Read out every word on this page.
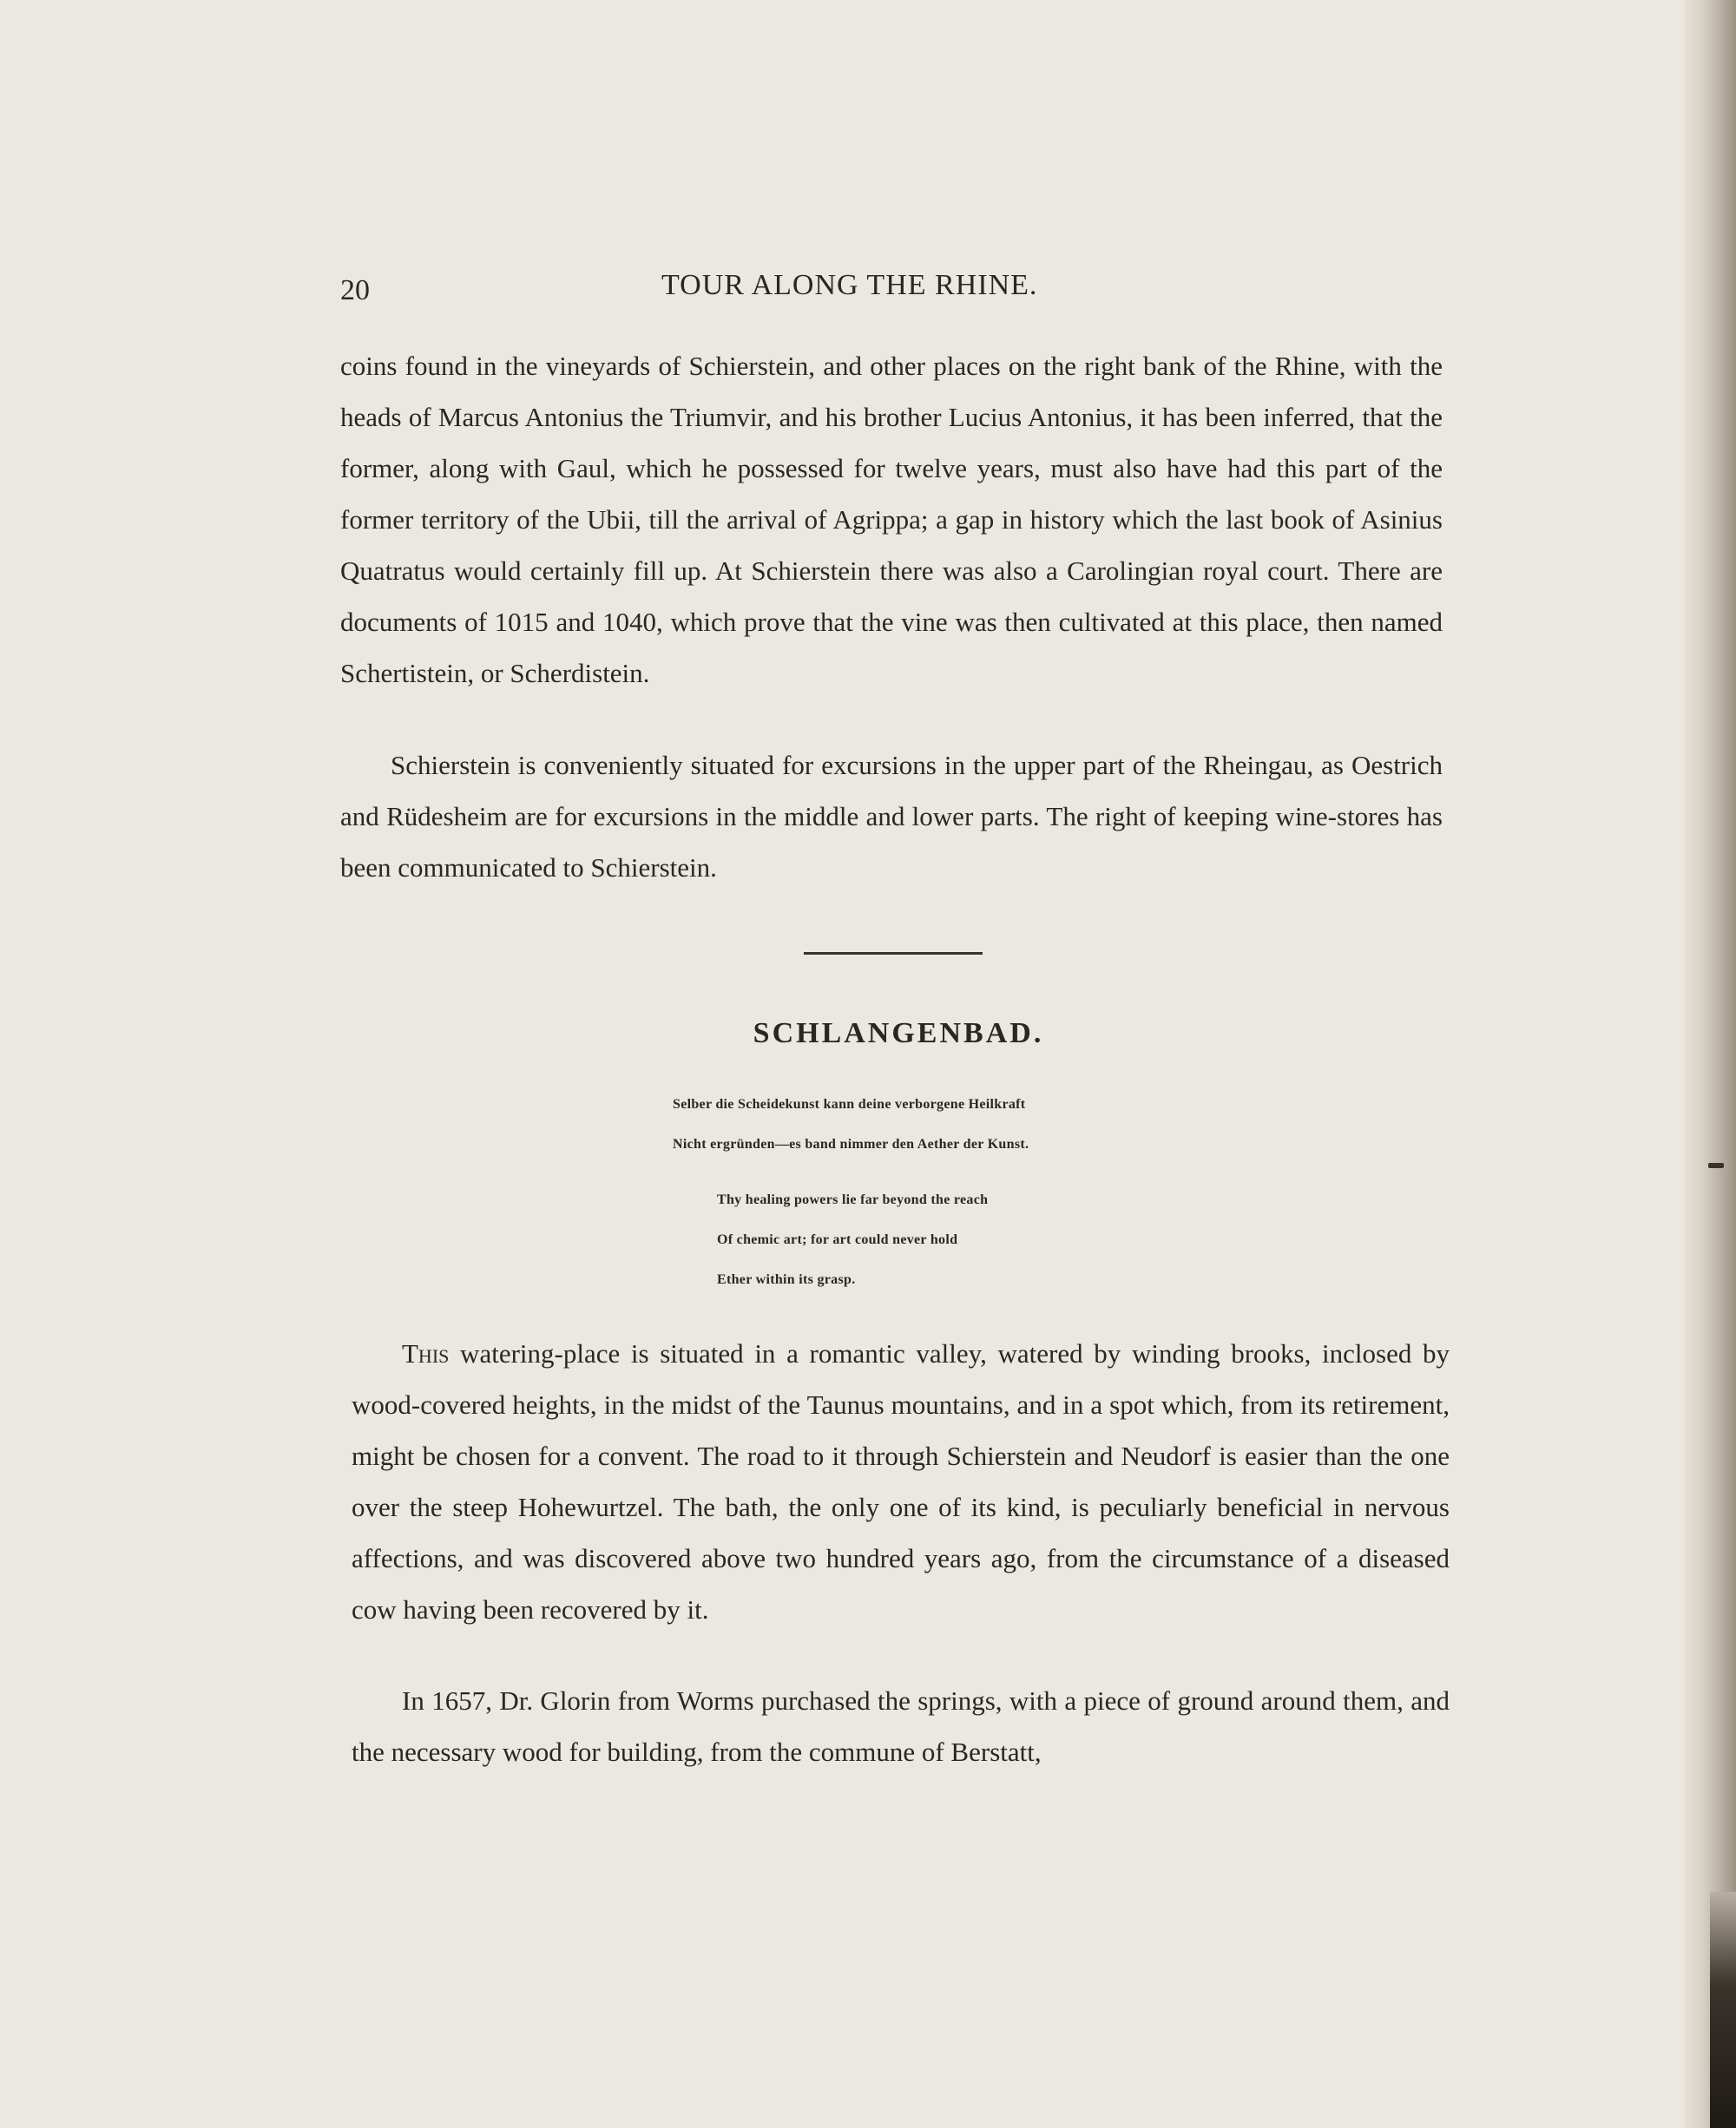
20	TOUR ALONG THE RHINE.

coins found in the vineyards of Schierstein, and other places on the right bank of the Rhine, with the heads of Marcus Antonius the Triumvir, and his brother Lucius Antonius, it has been inferred, that the former, along with Gaul, which he possessed for twelve years, must also have had this part of the former territory of the Ubii, till the arrival of Agrippa; a gap in history which the last book of Asinius Quatratus would certainly fill up. At Schierstein there was also a Carolingian royal court. There are documents of 1015 and 1040, which prove that the vine was then cultivated at this place, then named Schertistein, or Scherdistein.

Schierstein is conveniently situated for excursions in the upper part of the Rheingau, as Oestrich and Rüdesheim are for excursions in the middle and lower parts. The right of keeping wine-stores has been communicated to Schierstein.

SCHLANGENBAD.
Selber die Scheidekunst kann deine verborgene Heilkraft
Nicht ergründen—es band nimmer den Aether der Kunst.
Thy healing powers lie far beyond the reach
Of chemic art; for art could never hold
Ether within its grasp.

This watering-place is situated in a romantic valley, watered by winding brooks, inclosed by wood-covered heights, in the midst of the Taunus mountains, and in a spot which, from its retirement, might be chosen for a convent. The road to it through Schierstein and Neudorf is easier than the one over the steep Hohewurtzel. The bath, the only one of its kind, is peculiarly beneficial in nervous affections, and was discovered above two hundred years ago, from the circumstance of a diseased cow having been recovered by it.

In 1657, Dr. Glorin from Worms purchased the springs, with a piece of ground around them, and the necessary wood for building, from the commune of Berstatt,
